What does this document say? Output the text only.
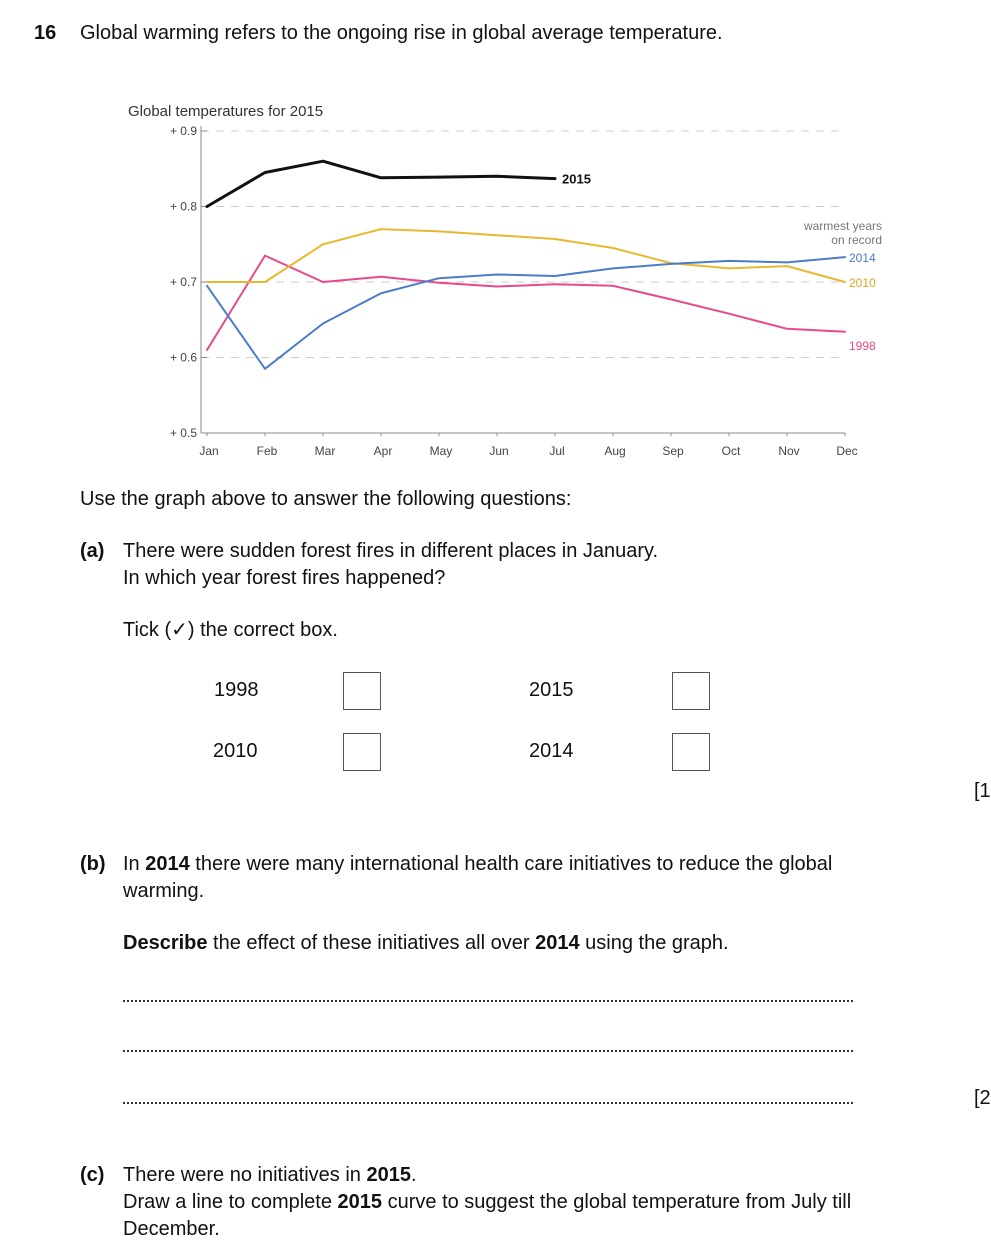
16 Global warming refers to the ongoing rise in global average temperature.
Global temperatures for 2015
+ 0.9
+ 0.8
+ 0.7
+ 0.6
+ 0.5
Jan	Feb	Mar	Apr	May	Jun	Jul	Aug	Sep	Oct	Nov	Dec
2015
2014
2010
1998
warmest years
on record
Use the graph above to answer the following questions:
(a) There were sudden forest fires in different places in January.
In which year forest fires happened?
Tick (✓) the correct box.
1998	2015
2010	2014
[1
(b) In 2014 there were many international health care initiatives to reduce the global
warming.
Describe the effect of these initiatives all over 2014 using the graph.
[2
(c) There were no initiatives in 2015.
Draw a line to complete 2015 curve to suggest the global temperature from July till
December.
